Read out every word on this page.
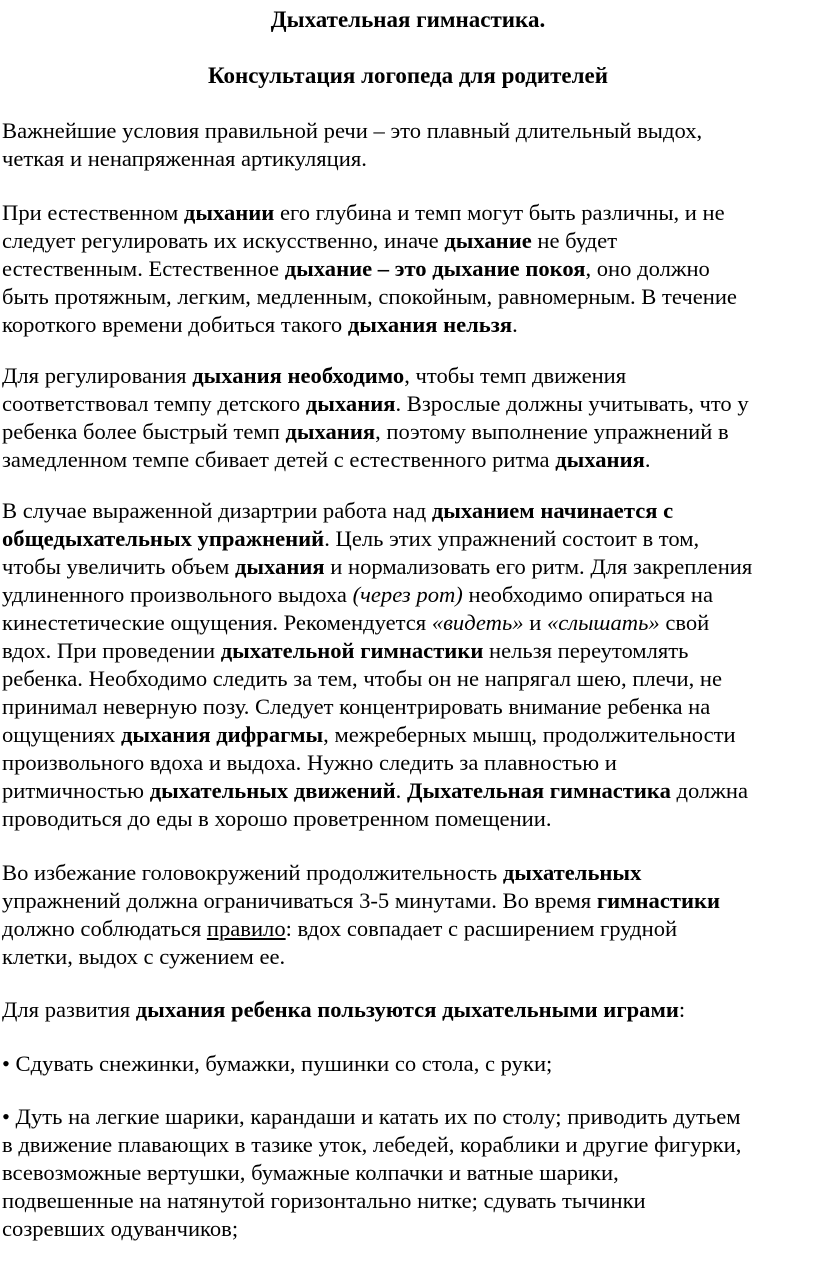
Дыхательная гимнастика.
Консультация логопеда для родителей
Важнейшие условия правильной речи – это плавный длительный выдох,
четкая и ненапряженная артикуляция.
При естественном дыхании его глубина и темп могут быть различны, и не
следует регулировать их искусственно, иначе дыхание не будет
естественным. Естественное дыхание – это дыхание покоя, оно должно
быть протяжным, легким, медленным, спокойным, равномерным. В течение
короткого времени добиться такого дыхания нельзя.
Для регулирования дыхания необходимо, чтобы темп движения
соответствовал темпу детского дыхания. Взрослые должны учитывать, что у
ребенка более быстрый темп дыхания, поэтому выполнение упражнений в
замедленном темпе сбивает детей с естественного ритма дыхания.
В случае выраженной дизартрии работа над дыханием начинается с
общедыхательных упражнений. Цель этих упражнений состоит в том,
чтобы увеличить объем дыхания и нормализовать его ритм. Для закрепления
удлиненного произвольного выдоха (через рот) необходимо опираться на
кинестетические ощущения. Рекомендуется «видеть» и «слышать» свой
вдох. При проведении дыхательной гимнастики нельзя переутомлять
ребенка. Необходимо следить за тем, чтобы он не напрягал шею, плечи, не
принимал неверную позу. Следует концентрировать внимание ребенка на
ощущениях дыхания дифрагмы, межреберных мышц, продолжительности
произвольного вдоха и выдоха. Нужно следить за плавностью и
ритмичностью дыхательных движений. Дыхательная гимнастика должна
проводиться до еды в хорошо проветренном помещении.
Во избежание головокружений продолжительность дыхательных
упражнений должна ограничиваться 3-5 минутами. Во время гимнастики
должно соблюдаться правило: вдох совпадает с расширением грудной
клетки, выдох с сужением ее.
Для развития дыхания ребенка пользуются дыхательными играми:
• Сдувать снежинки, бумажки, пушинки со стола, с руки;
• Дуть на легкие шарики, карандаши и катать их по столу; приводить дутьем
в движение плавающих в тазике уток, лебедей, кораблики и другие фигурки,
всевозможные вертушки, бумажные колпачки и ватные шарики,
подвешенные на натянутой горизонтально нитке; сдувать тычинки
созревших одуванчиков;
